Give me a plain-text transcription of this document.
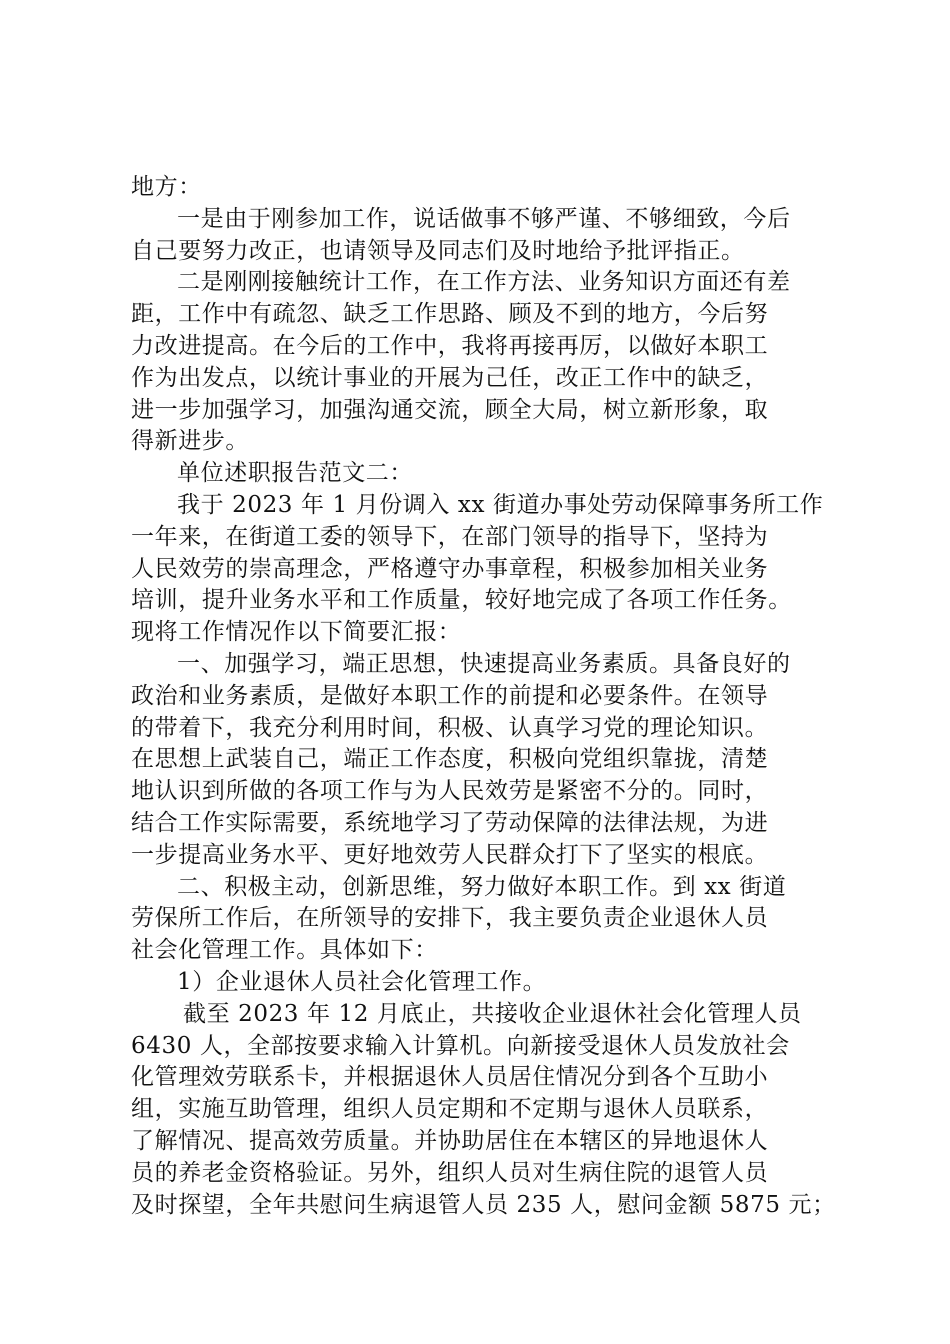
地方：
一是由于刚参加工作，说话做事不够严谨、不够细致，今后
自己要努力改正，也请领导及同志们及时地给予批评指正。
二是刚刚接触统计工作，在工作方法、业务知识方面还有差
距，工作中有疏忽、缺乏工作思路、顾及不到的地方，今后努
力改进提高。在今后的工作中，我将再接再厉，以做好本职工
作为出发点，以统计事业的开展为己任，改正工作中的缺乏，
进一步加强学习，加强沟通交流，顾全大局，树立新形象，取
得新进步。
单位述职报告范文二：
我于 2023 年 1 月份调入 xx 街道办事处劳动保障事务所工作
一年来，在街道工委的领导下，在部门领导的指导下，坚持为
人民效劳的崇高理念，严格遵守办事章程，积极参加相关业务
培训，提升业务水平和工作质量，较好地完成了各项工作任务。
现将工作情况作以下简要汇报：
一、加强学习，端正思想，快速提高业务素质。具备良好的
政治和业务素质，是做好本职工作的前提和必要条件。在领导
的带着下，我充分利用时间，积极、认真学习党的理论知识。
在思想上武装自己，端正工作态度，积极向党组织靠拢，清楚
地认识到所做的各项工作与为人民效劳是紧密不分的。同时，
结合工作实际需要，系统地学习了劳动保障的法律法规，为进
一步提高业务水平、更好地效劳人民群众打下了坚实的根底。
二、积极主动，创新思维，努力做好本职工作。到 xx 街道
劳保所工作后，在所领导的安排下，我主要负责企业退休人员
社会化管理工作。具体如下：
1）企业退休人员社会化管理工作。
截至 2023 年 12 月底止，共接收企业退休社会化管理人员
6430 人，全部按要求输入计算机。向新接受退休人员发放社会
化管理效劳联系卡，并根据退休人员居住情况分到各个互助小
组，实施互助管理，组织人员定期和不定期与退休人员联系，
了解情况、提高效劳质量。并协助居住在本辖区的异地退休人
员的养老金资格验证。另外，组织人员对生病住院的退管人员
及时探望，全年共慰问生病退管人员 235 人，慰问金额 5875 元；
